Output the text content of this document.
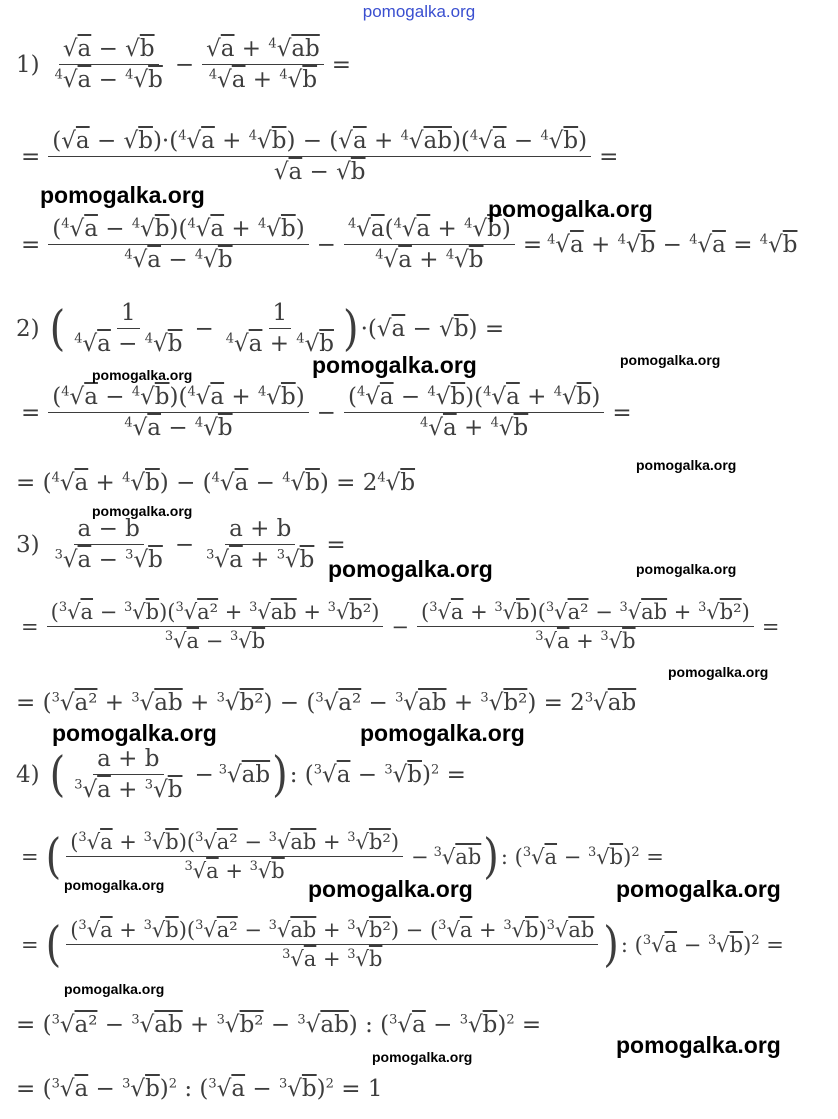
pomogalka.org
$1) \frac{√a - √b}{^4√a - ^4√b} - \frac{√a + ^4√ab}{^4√a + ^4√b}$ =
= $\frac{(√a - √b)\cdot(^4√a + ^4√b) - (√a + ^4√ab)(^4√a - ^4√b)}{√a - √b}$ =
= $\frac{(^4√a - ^4√b)(^4√a + ^4√b)}{^4√a - ^4√b} - \frac{^4√a(^4√a + ^4√b)}{^4√a + ^4√b} = ^4√a + ^4√b - ^4√a = ^4√b$
2) ( $\frac{1}{^4√a - ^4√b} - \frac{1}{^4√a + ^4√b}$ ) ·(√a − √b) =
= $\frac{(^4√a - ^4√b)(^4√a + ^4√b)}{^4√a - ^4√b} - \frac{(^4√a - ^4√b)(^4√a + ^4√b)}{^4√a + ^4√b}$ =
= $(^4√a + ^4√b) - (^4√a - ^4√b) = 2^4√b$
$3) \frac{a - b}{^3√a - ^3√b} - \frac{a + b}{^3√a + ^3√b}$ =
= $\frac{(^3√a - ^3√b)(^3√a^2 + ^3√ab + ^3√b^2)}{^3√a - ^3√b} - \frac{(^3√a + ^3√b)(^3√a^2 - ^3√ab + ^3√b^2)}{^3√a + ^3√b}$ =
= $(^3√a^2 + ^3√ab + ^3√b^2) - (^3√a^2 - ^3√ab + ^3√b^2) = 2^3√ab$
4) ( $\frac{a + b}{^3√a + ^3√b} - ^3√ab$ ) : $(^3√a - ^3√b)^2$ =
= ( $\frac{(^3√a + ^3√b)(^3√a^2 - ^3√ab + ^3√b^2)}{^3√a + ^3√b} - ^3√ab$ ) : $(^3√a - ^3√b)^2$ =
= ( $\frac{(^3√a + ^3√b)(^3√a^2 - ^3√ab + ^3√b^2) - (^3√a + ^3√b)^3√ab}{^3√a + ^3√b}$ ) : $(^3√a - ^3√b)^2$ =
= ($^3$√a² − $^3$√ab + $^3$√b² − $^3$√ab) : $(^3√a - ^3√b)^2$ =
= $(^3√a - ^3√b)^2$ : $(^3√a - ^3√b)^2 = 1$
pomogalka.org
pomogalka.org
pomogalka.org	pomogalka.org
pomogalka.org
pomogalka.org
pomogalka.org
pomogalka.org	pomogalka.org
pomogalka.org
pomogalka.org	pomogalka.org
pomogalka.org	pomogalka.org	pomogalka.org
pomogalka.org
pomogalka.org
pomogalka.org
